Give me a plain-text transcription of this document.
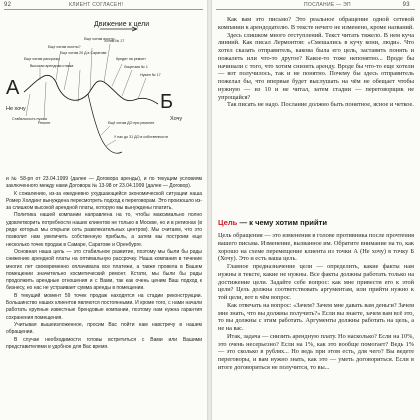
92	КЛИЕНТ СОГЛАСЕН!
Движение к цели
A
Не хочу	Б
Хочу
Еще хотим рассрочку
Высокая арендная ставка
Еще хотим льготы?
Еще хотим 20 Д в Саратове
Еще хотим льготы
Хотим № 17
Кредит на ремонт
Лицензия № 1
Нужен № 17
Ещё хотим ДО при ремонте
Стабильность нужна
Ремонт
У нас до 31 ДО в собственности

и № 58-рп от 23.04.1999 (далее — Договора аренды), и по текущим условиям заключенного между нами Договора № 13-98 от 23.04.1999 (далее — Договор).

К сожалению, из-за ежедневно ухудшающейся экономической ситуации наша Ромер Холдинг вынуждена пересмотреть подход к переговорам. Это произошло из-за слишком высокой арендной платы, которую мы вынуждены платить.

Политика нашей компании направлена на то, чтобы максимально полно удовлетворить потребности наших клиентов не только в Москве, но и в регионах (в ряде которых мы открыли сеть развлекательных центров). Мы считаем, что это позволит нам увеличить собственную прибыль, а затем мы построим еще несколько точек продаж в Самаре, Саратове и Оренбурге.

Основная наша цель — это стабильное развитие, поэтому мы были бы рады снижению арендной платы на оптимальную рассрочку. Наша компания в течение многих лет своевременно оплачивала все платежи, а также провела в Вашем помещении значительно косметический ремонт. Кстати, мы были бы рады продолжить арендные отношения и с Вами, так как очень ценим Ваш подход к бизнесу, но нас не устраивает сумма аренды в помещении.

В текущий момент 59 точек продаж находятся на стадии реконструкции. Большинство наших клиентов являются постоянными. И кроме того, с нами начали работать крупные известные брендовые компании, поэтому нам нужна гарантия сохранения помещения.

Учитывая вышеизложенное, просим Вас пойти нам навстречу в нашем обращении.

В случае необходимости готовы встретиться с Вами или Вашими представителями в удобное для Вас время.

ПОСЛАНИЕ — ЭП	93

Как вам это письмо? Это реальное обращение одной сетевой компании к арендодателю. В тексте нечего не изменено, кроме названий.

Здесь слишком много отступлений. Текст читать тяжело. В нем куча линиий. Как писал Лермонтов: «Смешались в кучу кони, люди». Что хотел сказать отправитель, какова была его цель, заставить понять и пожалеть или что-то другое? Какое-то тоже непонятно... Вроде бы начинали с того, что хотим снизить аренду. Вроде бы что-то еще хотели — вот получилось, так и не понятно. Почему бы здесь отправитель пожелал бы, что впервые будет выслушать на чём не обещает чтобы нужную — из 10 и не читал, затем стадии — переговорщик не упрощайся?

Так писать не надо. Послание должно быть понятное, ясное и четкое.

Цель — к чему хотим прийти

Цель обращения — это изменения в голове противника после прочтения вашего письма. Изменение, вызванное им. Обратите внимание на то, как хорошо на схеме перемещение клиента из точки А (Не хочу) в точку Б (Хочу). Это и есть ваша цель.

Главное предназначение цели — определить, какие факты нам нужны в тексте, какие не нужны. Все факты должны работать только на достижение цели. Задайте себе вопрос: как мне привести его к этой цели? Цель должна соответствовать аргументам, или прийти нужно к той цели, вот в чём вопрос.

Как отвечать на вопрос: «Зачем? Зачем мне давать вам деньги? Зачем мне знать, что вы должны получить?» Если вы знаете, зачем вам всё это, то вы должны с этим работать. Аргументы должны работать на цель, а не на вас.

Итак, задача — снизить арендную плату. Но насколько? Если на 10%, это очень несерьезно? Если на 1%, как это вообще помогает? Ведь 1% — это сколько в рублях... Но ведь при этом есть, для чего? Вы ведете переговоры, и вам нужно знать, как это — уметь договориться. Если в итоге договориться не получится, то вы...
